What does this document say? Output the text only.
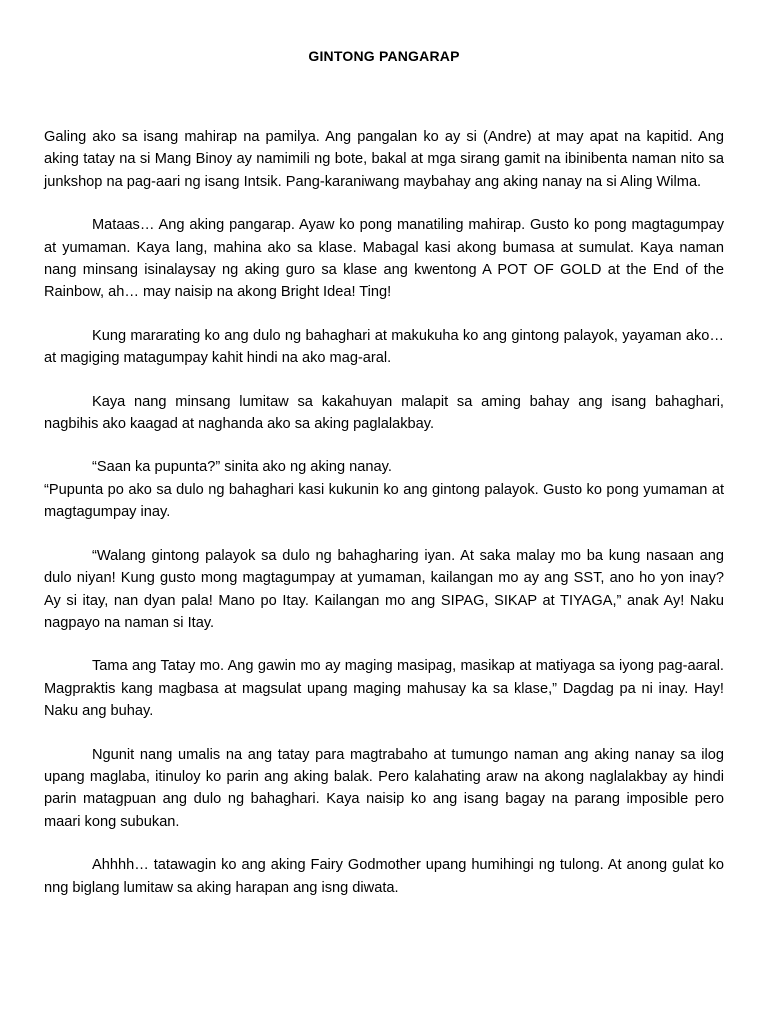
GINTONG PANGARAP

Galing ako sa isang mahirap na pamilya. Ang pangalan ko ay si (Andre) at may apat na kapitid. Ang aking tatay na si Mang Binoy ay namimili ng bote, bakal at mga sirang gamit na ibinibenta naman nito sa junkshop na pag-aari ng isang Intsik. Pang-karaniwang maybahay ang aking nanay na si Aling Wilma.

Mataas… Ang aking pangarap. Ayaw ko pong manatiling mahirap. Gusto ko pong magtagumpay at yumaman. Kaya lang, mahina ako sa klase. Mabagal kasi akong bumasa at sumulat. Kaya naman nang minsang isinalaysay ng aking guro sa klase ang kwentong A POT OF GOLD at the End of the Rainbow, ah… may naisip na akong Bright Idea! Ting!

Kung mararating ko ang dulo ng bahaghari at makukuha ko ang gintong palayok, yayaman ako… at magiging matagumpay kahit hindi na ako mag-aral.

Kaya nang minsang lumitaw sa kakahuyan malapit sa aming bahay ang isang bahaghari, nagbihis ako kaagad at naghanda ako sa aking paglalakbay.

“Saan ka pupunta?” sinita ako ng aking nanay.

“Pupunta po ako sa dulo ng bahaghari kasi kukunin ko ang gintong palayok. Gusto ko pong yumaman at magtagumpay inay.

“Walang gintong palayok sa dulo ng bahagharing iyan. At saka malay mo ba kung nasaan ang dulo niyan! Kung gusto mong magtagumpay at yumaman, kailangan mo ay ang SST, ano ho yon inay? Ay si itay, nan dyan pala! Mano po Itay. Kailangan mo ang SIPAG, SIKAP at TIYAGA,” anak Ay! Naku nagpayo na naman si Itay.

Tama ang Tatay mo. Ang gawin mo ay maging masipag, masikap at matiyaga sa iyong pag-aaral. Magpraktis kang magbasa at magsulat upang maging mahusay ka sa klase,” Dagdag pa ni inay. Hay! Naku ang buhay.

Ngunit nang umalis na ang tatay para magtrabaho at tumungo naman ang aking nanay sa ilog upang maglaba, itinuloy ko parin ang aking balak. Pero kalahating araw na akong naglalakbay ay hindi parin matagpuan ang dulo ng bahaghari. Kaya naisip ko ang isang bagay na parang imposible pero maari kong subukan.

Ahhhh… tatawagin ko ang aking Fairy Godmother upang humihingi ng tulong. At anong gulat ko nng biglang lumitaw sa aking harapan ang isng diwata.
